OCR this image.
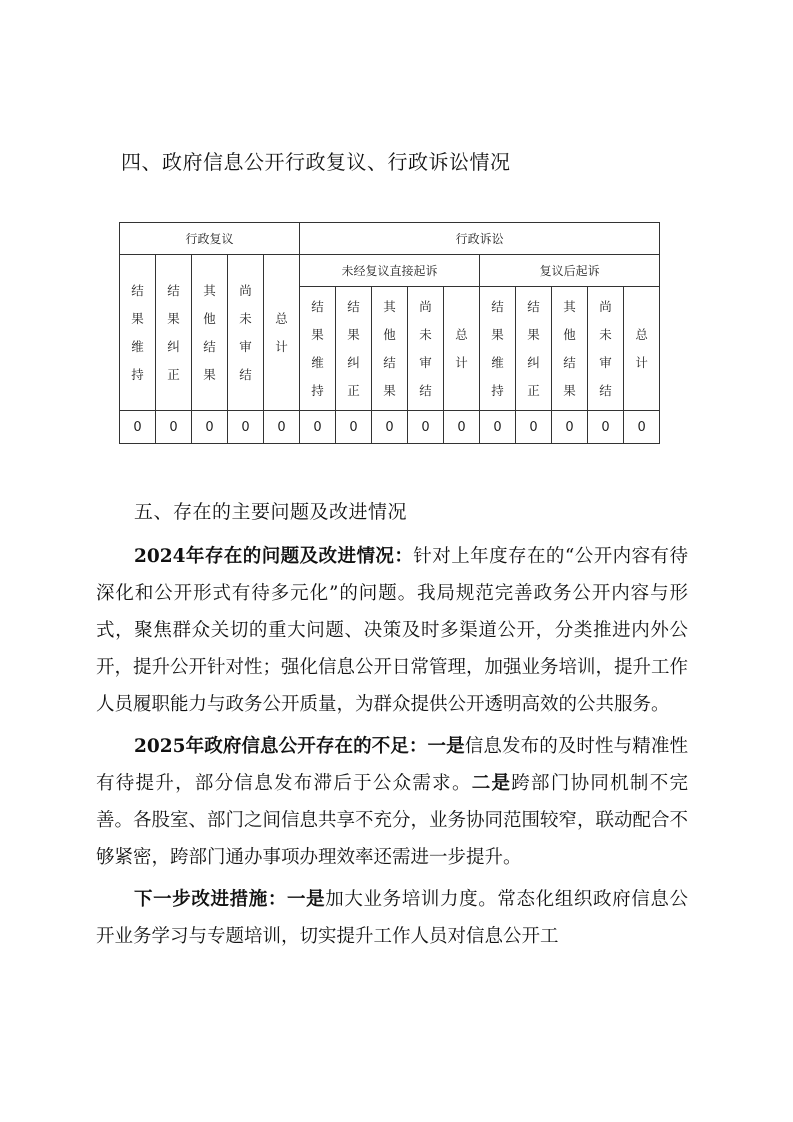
四、政府信息公开行政复议、行政诉讼情况
行政复议					行政诉讼									
结果维持	结果纠正	其他结果	尚未审结	总计	未经复议直接起诉					复议后起诉				
					结果维持	结果纠正	其他结果	尚未审结	总计	结果维持	结果纠正	其他结果	尚未审结	总计
0	0	0	0	0	0	0	0	0	0	0	0	0	0	0
五、存在的主要问题及改进情况

2024年存在的问题及改进情况：针对上年度存在的“公开内容有待深化和公开形式有待多元化”的问题。我局规范完善政务公开内容与形式，聚焦群众关切的重大问题、决策及时多渠道公开，分类推进内外公开，提升公开针对性；强化信息公开日常管理，加强业务培训，提升工作人员履职能力与政务公开质量，为群众提供公开透明高效的公共服务。

2025年政府信息公开存在的不足：一是信息发布的及时性与精准性有待提升，部分信息发布滞后于公众需求。二是跨部门协同机制不完善。各股室、部门之间信息共享不充分，业务协同范围较窄，联动配合不够紧密，跨部门通办事项办理效率还需进一步提升。

下一步改进措施：一是加大业务培训力度。常态化组织政府信息公开业务学习与专题培训，切实提升工作人员对信息公开工
